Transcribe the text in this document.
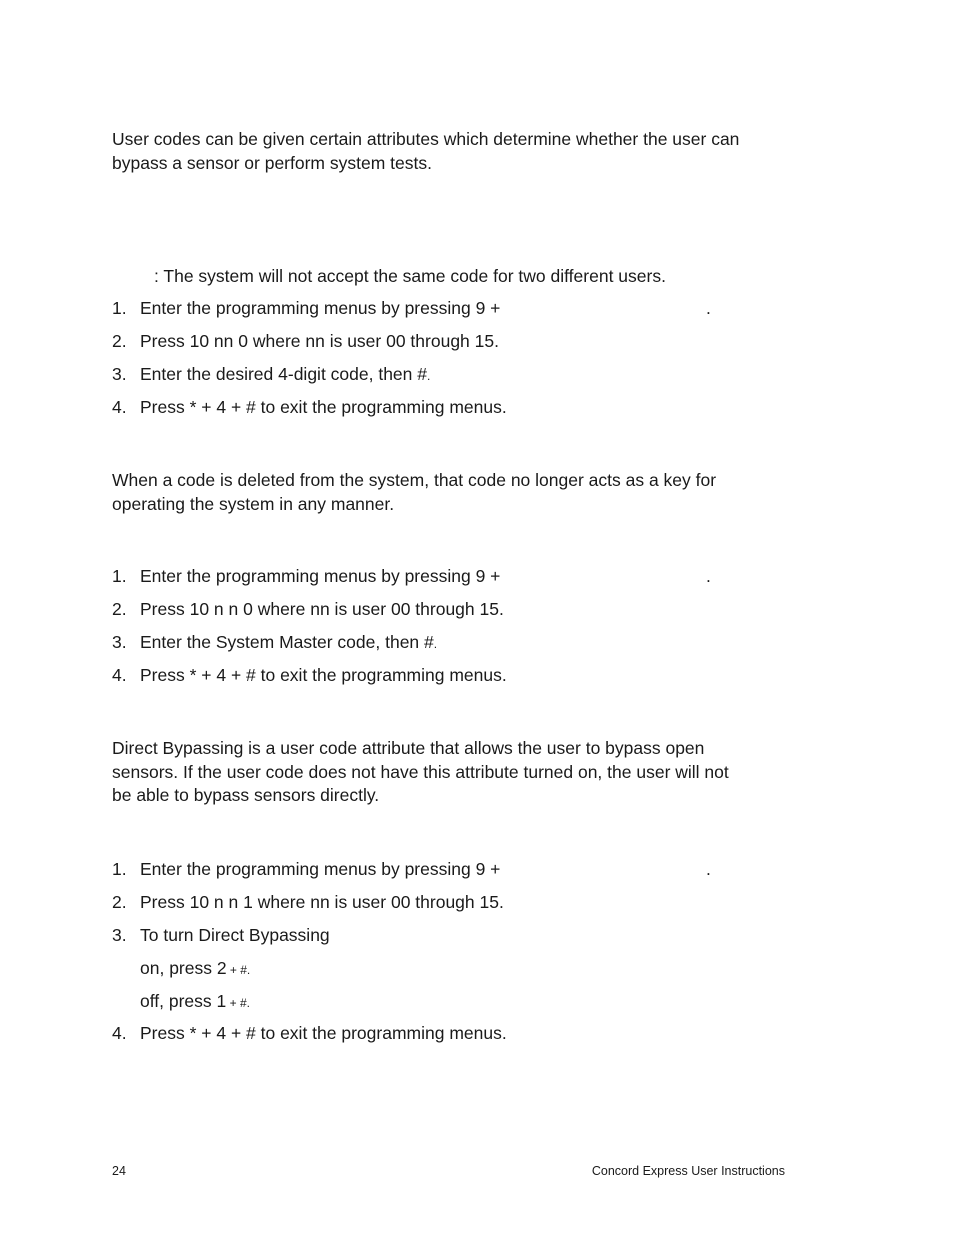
User codes can be given certain attributes which determine whether the user can
bypass a sensor or perform system tests.
: The system will not accept the same code for two different users.
1. Enter the programming menus by pressing 9 +	.
2. Press 10 nn 0 where nn is user 00 through 15.
3. Enter the desired 4-digit code, then #.
4. Press * + 4 + # to exit the programming menus.
When a code is deleted from the system, that code no longer acts as a key for
operating the system in any manner.
1. Enter the programming menus by pressing 9 +	.
2. Press 10 n n 0 where nn is user 00 through 15.
3. Enter the System Master code, then #.
4. Press * + 4 + # to exit the programming menus.
Direct Bypassing is a user code attribute that allows the user to bypass open
sensors. If the user code does not have this attribute turned on, the user will not
be able to bypass sensors directly.
1. Enter the programming menus by pressing 9 +	.
2. Press 10 n n 1 where nn is user 00 through 15.
3. To turn Direct Bypassing
on, press 2 + #.
off, press 1 + #.
4. Press * + 4 + # to exit the programming menus.
24	Concord Express User Instructions
